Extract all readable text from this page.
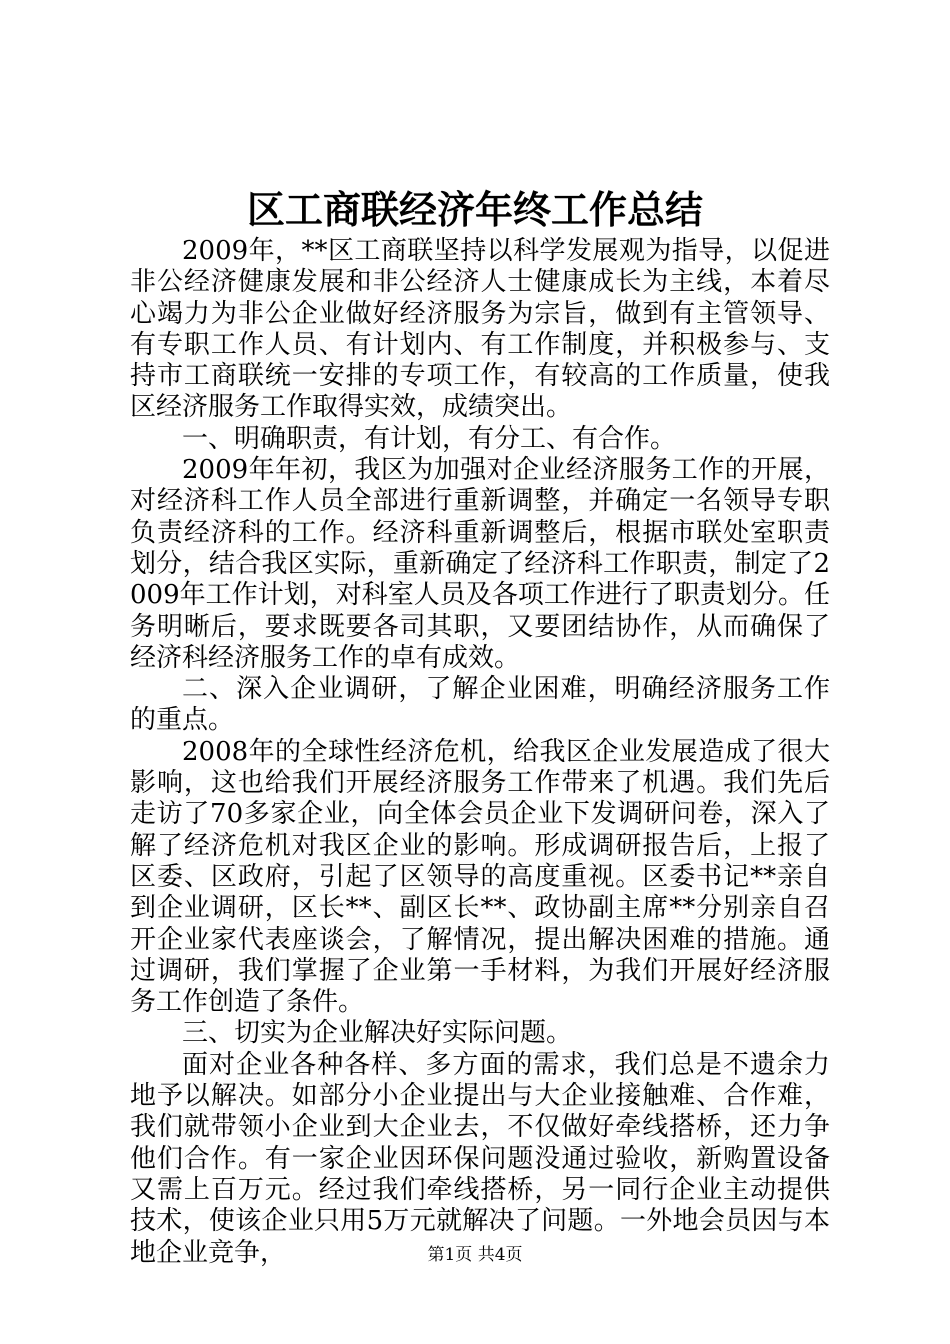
区工商联经济年终工作总结

2009年，**区工商联坚持以科学发展观为指导，以促进非公经济健康发展和非公经济人士健康成长为主线，本着尽心竭力为非公企业做好经济服务为宗旨，做到有主管领导、有专职工作人员、有计划内、有工作制度，并积极参与、支持市工商联统一安排的专项工作，有较高的工作质量，使我区经济服务工作取得实效，成绩突出。

一、明确职责，有计划，有分工、有合作。

2009年年初，我区为加强对企业经济服务工作的开展，对经济科工作人员全部进行重新调整，并确定一名领导专职负责经济科的工作。经济科重新调整后，根据市联处室职责划分，结合我区实际，重新确定了经济科工作职责，制定了2009年工作计划，对科室人员及各项工作进行了职责划分。任务明晰后，要求既要各司其职，又要团结协作，从而确保了经济科经济服务工作的卓有成效。

二、深入企业调研，了解企业困难，明确经济服务工作的重点。

2008年的全球性经济危机，给我区企业发展造成了很大影响，这也给我们开展经济服务工作带来了机遇。我们先后走访了70多家企业，向全体会员企业下发调研问卷，深入了解了经济危机对我区企业的影响。形成调研报告后，上报了区委、区政府，引起了区领导的高度重视。区委书记**亲自到企业调研，区长**、副区长**、政协副主席**分别亲自召开企业家代表座谈会，了解情况，提出解决困难的措施。通过调研，我们掌握了企业第一手材料，为我们开展好经济服务工作创造了条件。

三、切实为企业解决好实际问题。

面对企业各种各样、多方面的需求，我们总是不遗余力地予以解决。如部分小企业提出与大企业接触难、合作难，我们就带领小企业到大企业去，不仅做好牵线搭桥，还力争他们合作。有一家企业因环保问题没通过验收，新购置设备又需上百万元。经过我们牵线搭桥，另一同行企业主动提供技术，使该企业只用5万元就解决了问题。一外地会员因与本地企业竞争，	第1页 共4页
